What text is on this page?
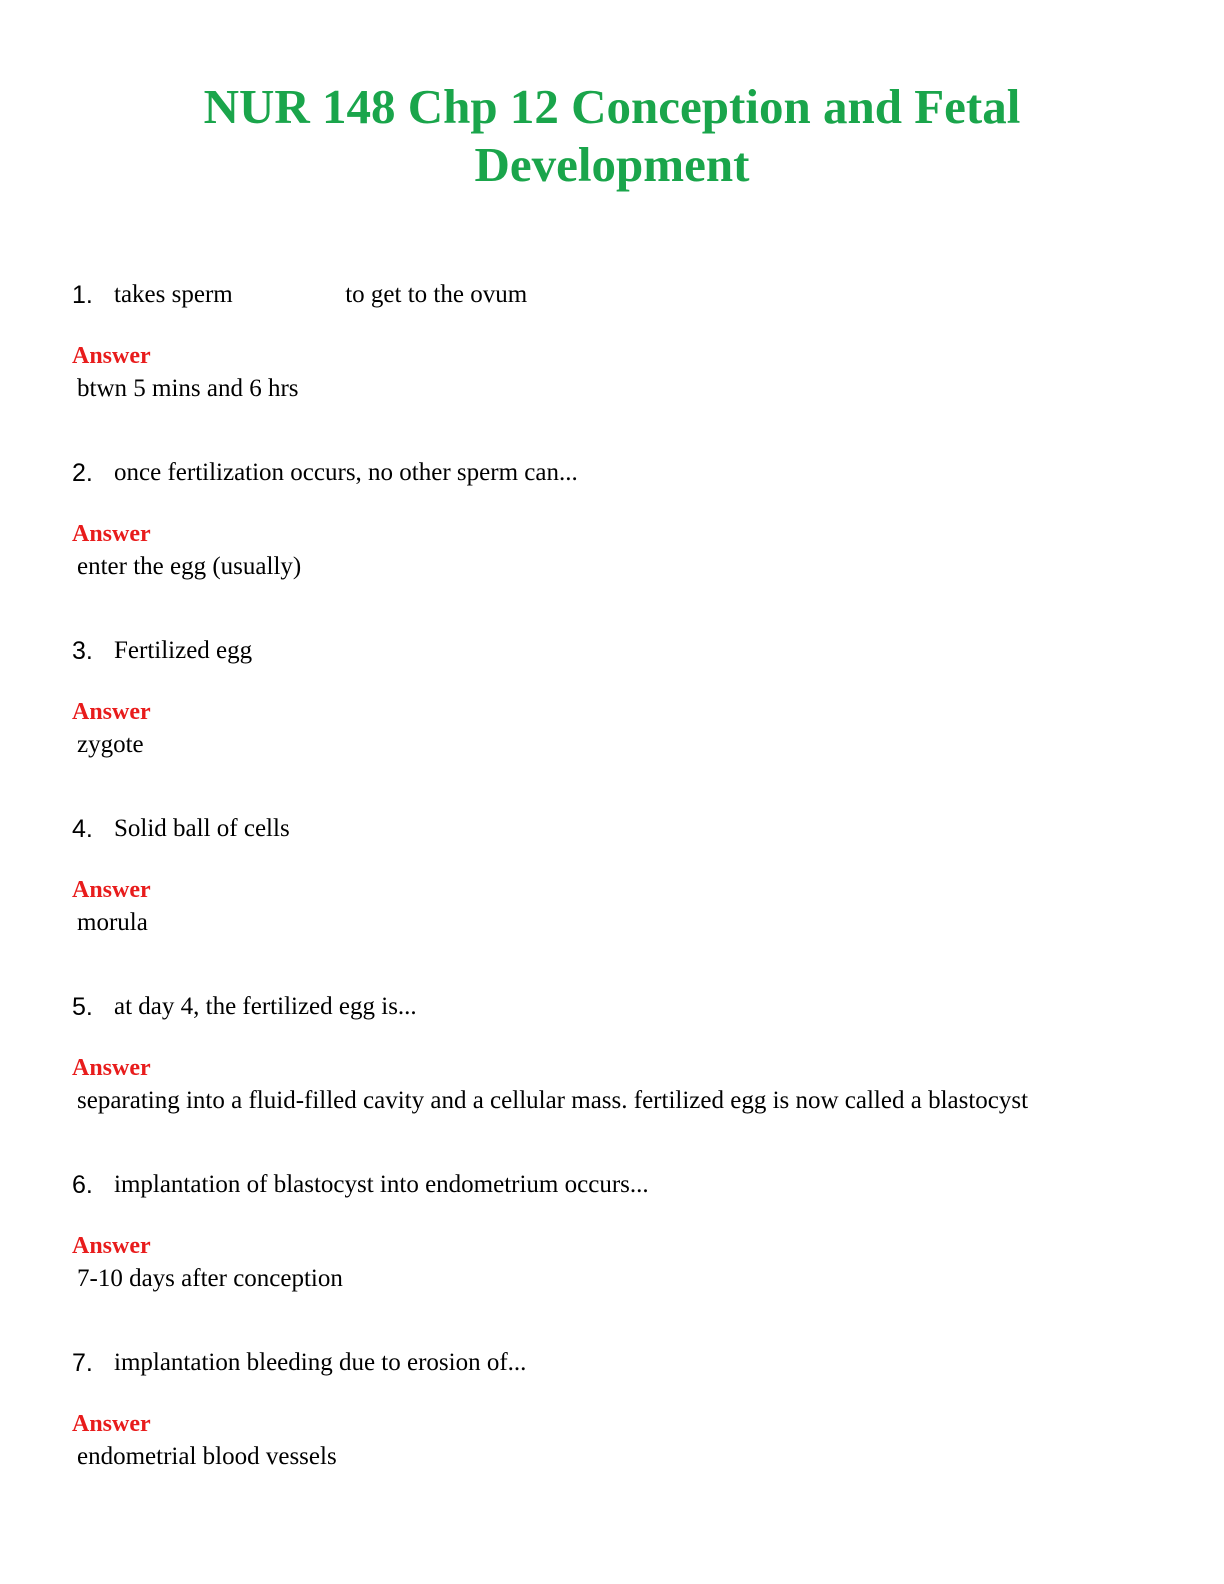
NUR 148 Chp 12 Conception and Fetal
Development
1. takes sperm                  to get to the ovum
Answer
btwn 5 mins and 6 hrs
2. once fertilization occurs, no other sperm can...
Answer
enter the egg (usually)
3. Fertilized egg
Answer
zygote
4. Solid ball of cells
Answer
morula
5. at day 4, the fertilized egg is...
Answer
separating into a fluid-filled cavity and a cellular mass. fertilized egg is now called a blastocyst
6. implantation of blastocyst into endometrium occurs...
Answer
7-10 days after conception
7. implantation bleeding due to erosion of...
Answer
endometrial blood vessels
